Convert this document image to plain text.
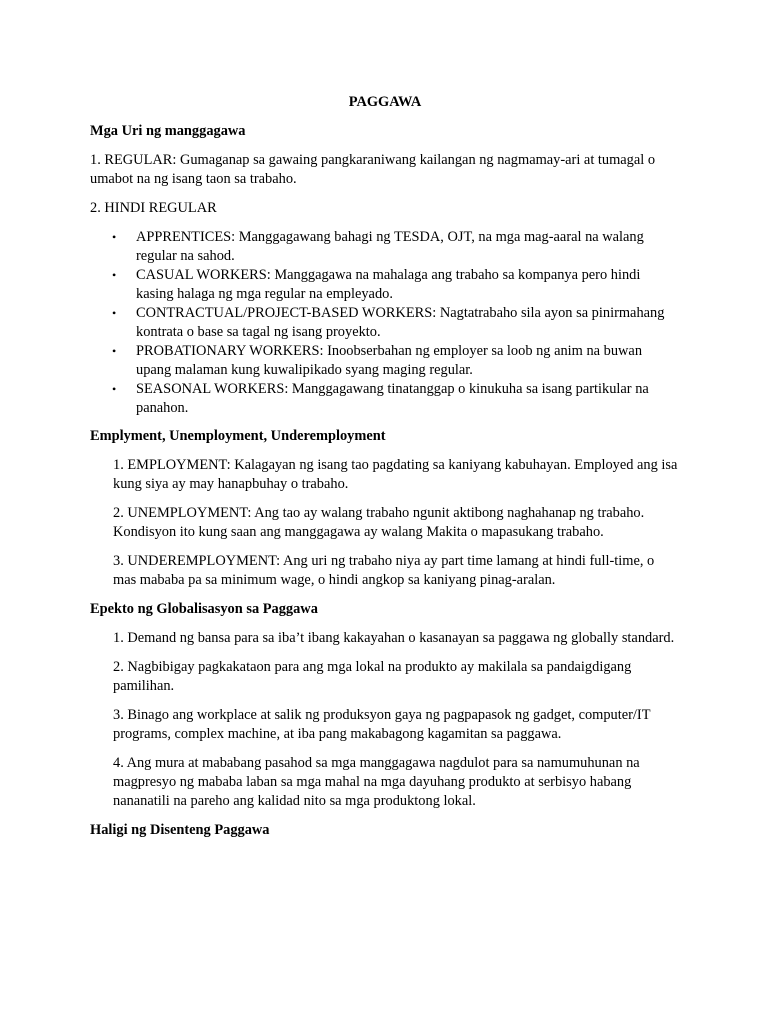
PAGGAWA
Mga Uri ng manggagawa

1. REGULAR: Gumaganap sa gawaing pangkaraniwang kailangan ng nagmamay-ari at tumagal o umabot na ng isang taon sa trabaho.

2. HINDI REGULAR

• APPRENTICES: Manggagawang bahagi ng TESDA, OJT, na mga mag-aaral na walang regular na sahod.
• CASUAL WORKERS: Manggagawa na mahalaga ang trabaho sa kompanya pero hindi kasing halaga ng mga regular na empleyado.
• CONTRACTUAL/PROJECT-BASED WORKERS: Nagtatrabaho sila ayon sa pinirmahang kontrata o base sa tagal ng isang proyekto.
• PROBATIONARY WORKERS: Inoobserbahan ng employer sa loob ng anim na buwan upang malaman kung kuwalipikado syang maging regular.
• SEASONAL WORKERS: Manggagawang tinatanggap o kinukuha sa isang partikular na panahon.
Emplyment, Unemployment, Underemployment

1. EMPLOYMENT: Kalagayan ng isang tao pagdating sa kaniyang kabuhayan. Employed ang isa kung siya ay may hanapbuhay o trabaho.

2. UNEMPLOYMENT: Ang tao ay walang trabaho ngunit aktibong naghahanap ng trabaho. Kondisyon ito kung saan ang manggagawa ay walang Makita o mapasukang trabaho.

3. UNDEREMPLOYMENT: Ang uri ng trabaho niya ay part time lamang at hindi full-time, o mas mababa pa sa minimum wage, o hindi angkop sa kaniyang pinag-aralan.

Epekto ng Globalisasyon sa Paggawa

1. Demand ng bansa para sa iba’t ibang kakayahan o kasanayan sa paggawa ng globally standard.

2. Nagbibigay pagkakataon para ang mga lokal na produkto ay makilala sa pandaigdigang pamilihan.

3. Binago ang workplace at salik ng produksyon gaya ng pagpapasok ng gadget, computer/IT programs, complex machine, at iba pang makabagong kagamitan sa paggawa.

4. Ang mura at mababang pasahod sa mga manggagawa nagdulot para sa namumuhunan na magpresyo ng mababa laban sa mga mahal na mga dayuhang produkto at serbisyo habang nananatili na pareho ang kalidad nito sa mga produktong lokal.

Haligi ng Disenteng Paggawa
